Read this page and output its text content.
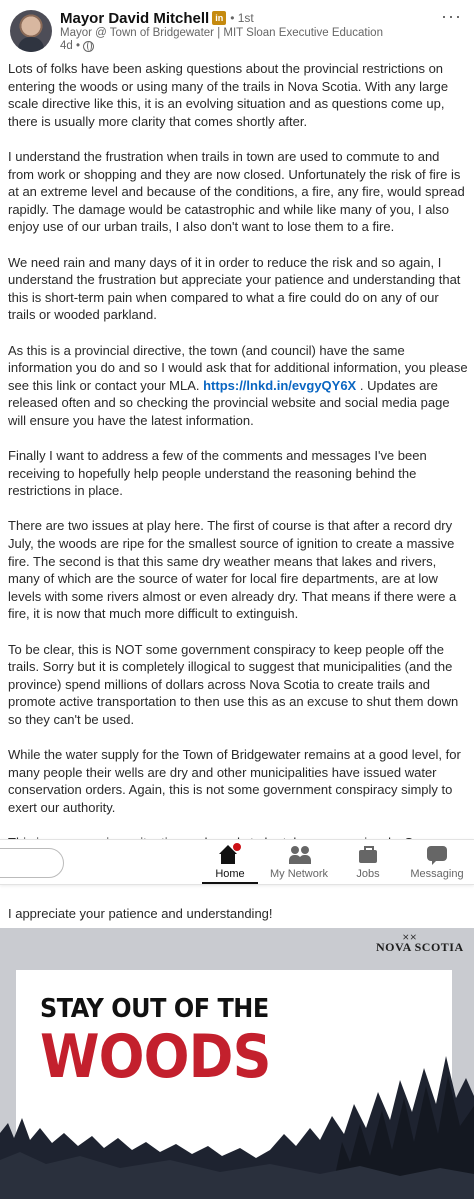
Mayor David Mitchell in • 1st
Mayor @ Town of Bridgewater | MIT Sloan Executive Education
4d •
···

Lots of folks have been asking questions about the provincial restrictions on entering the woods or using many of the trails in Nova Scotia. With any large scale directive like this, it is an evolving situation and as questions come up, there is usually more clarity that comes shortly after.

I understand the frustration when trails in town are used to commute to and from work or shopping and they are now closed. Unfortunately the risk of fire is at an extreme level and because of the conditions, a fire, any fire, would spread rapidly. The damage would be catastrophic and while like many of you, I also enjoy use of our urban trails, I also don't want to lose them to a fire.

We need rain and many days of it in order to reduce the risk and so again, I understand the frustration but appreciate your patience and understanding that this is short-term pain when compared to what a fire could do on any of our trails or wooded parkland.

As this is a provincial directive, the town (and council) have the same information you do and so I would ask that for additional information, you please see this link or contact your MLA. https://lnkd.in/evgyQY6X . Updates are released often and so checking the provincial website and social media page will ensure you have the latest information.

Finally I want to address a few of the comments and messages I've been receiving to hopefully help people understand the reasoning behind the restrictions in place.

There are two issues at play here. The first of course is that after a record dry July, the woods are ripe for the smallest source of ignition to create a massive fire. The second is that this same dry weather means that lakes and rivers, many of which are the source of water for local fire departments, are at low levels with some rivers almost or even already dry. That means if there were a fire, it is now that much more difficult to extinguish.

To be clear, this is NOT some government conspiracy to keep people off the trails. Sorry but it is completely illogical to suggest that municipalities (and the province) spend millions of dollars across Nova Scotia to create trails and promote active transportation to then use this as an excuse to shut them down so they can't be used.

While the water supply for the Town of Bridgewater remains at a good level, for many people their wells are dry and other municipalities have issued water conservation orders. Again, this is not some government conspiracy simply to exert our authority.

Home	My Network	Jobs	Messaging
I appreciate your patience and understanding!
⨯⨯
NOVA SCOTIA
STAY OUT OF THE
WOODS
